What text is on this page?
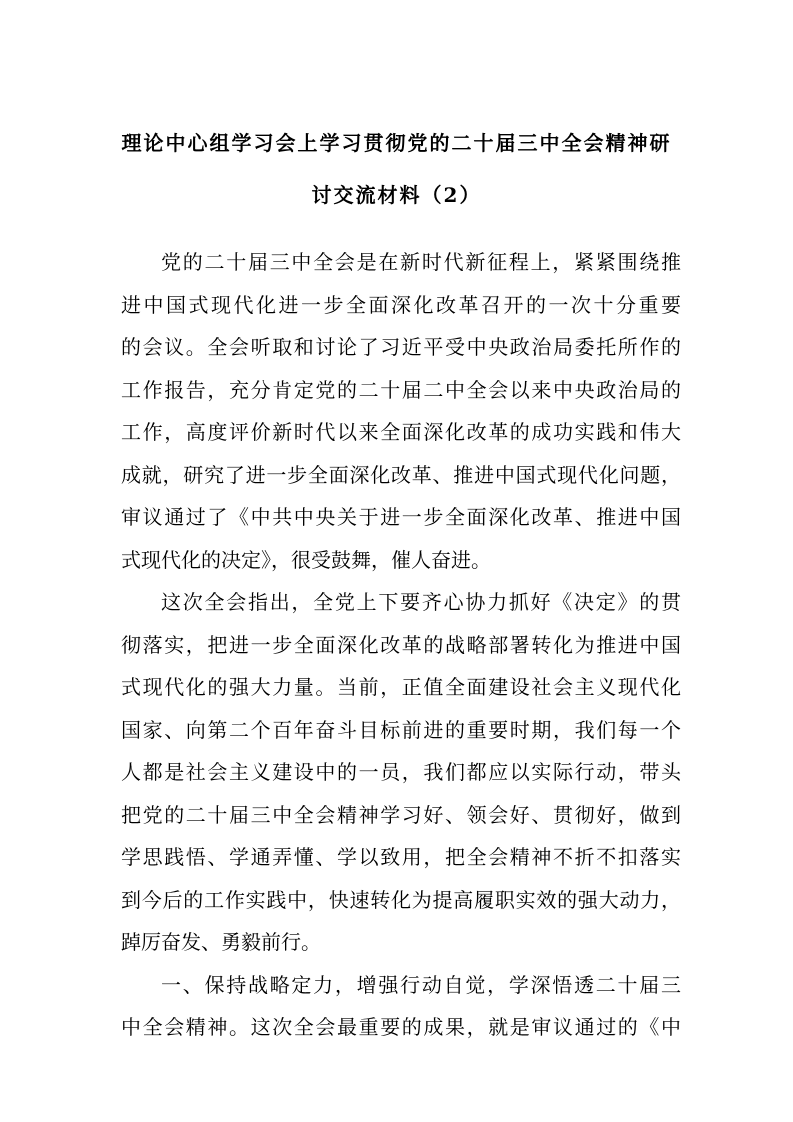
理论中心组学习会上学习贯彻党的二十届三中全会精神研
讨交流材料（2）
党的二十届三中全会是在新时代新征程上，紧紧围绕推
进中国式现代化进一步全面深化改革召开的一次十分重要
的会议。全会听取和讨论了习近平受中央政治局委托所作的
工作报告，充分肯定党的二十届二中全会以来中央政治局的
工作，高度评价新时代以来全面深化改革的成功实践和伟大
成就，研究了进一步全面深化改革、推进中国式现代化问题，
审议通过了《中共中央关于进一步全面深化改革、推进中国
式现代化的决定》，很受鼓舞，催人奋进。
这次全会指出，全党上下要齐心协力抓好《决定》的贯
彻落实，把进一步全面深化改革的战略部署转化为推进中国
式现代化的强大力量。当前，正值全面建设社会主义现代化
国家、向第二个百年奋斗目标前进的重要时期，我们每一个
人都是社会主义建设中的一员，我们都应以实际行动，带头
把党的二十届三中全会精神学习好、领会好、贯彻好，做到
学思践悟、学通弄懂、学以致用，把全会精神不折不扣落实
到今后的工作实践中，快速转化为提高履职实效的强大动力，
踔厉奋发、勇毅前行。
一、保持战略定力，增强行动自觉，学深悟透二十届三
中全会精神。这次全会最重要的成果，就是审议通过的《中
